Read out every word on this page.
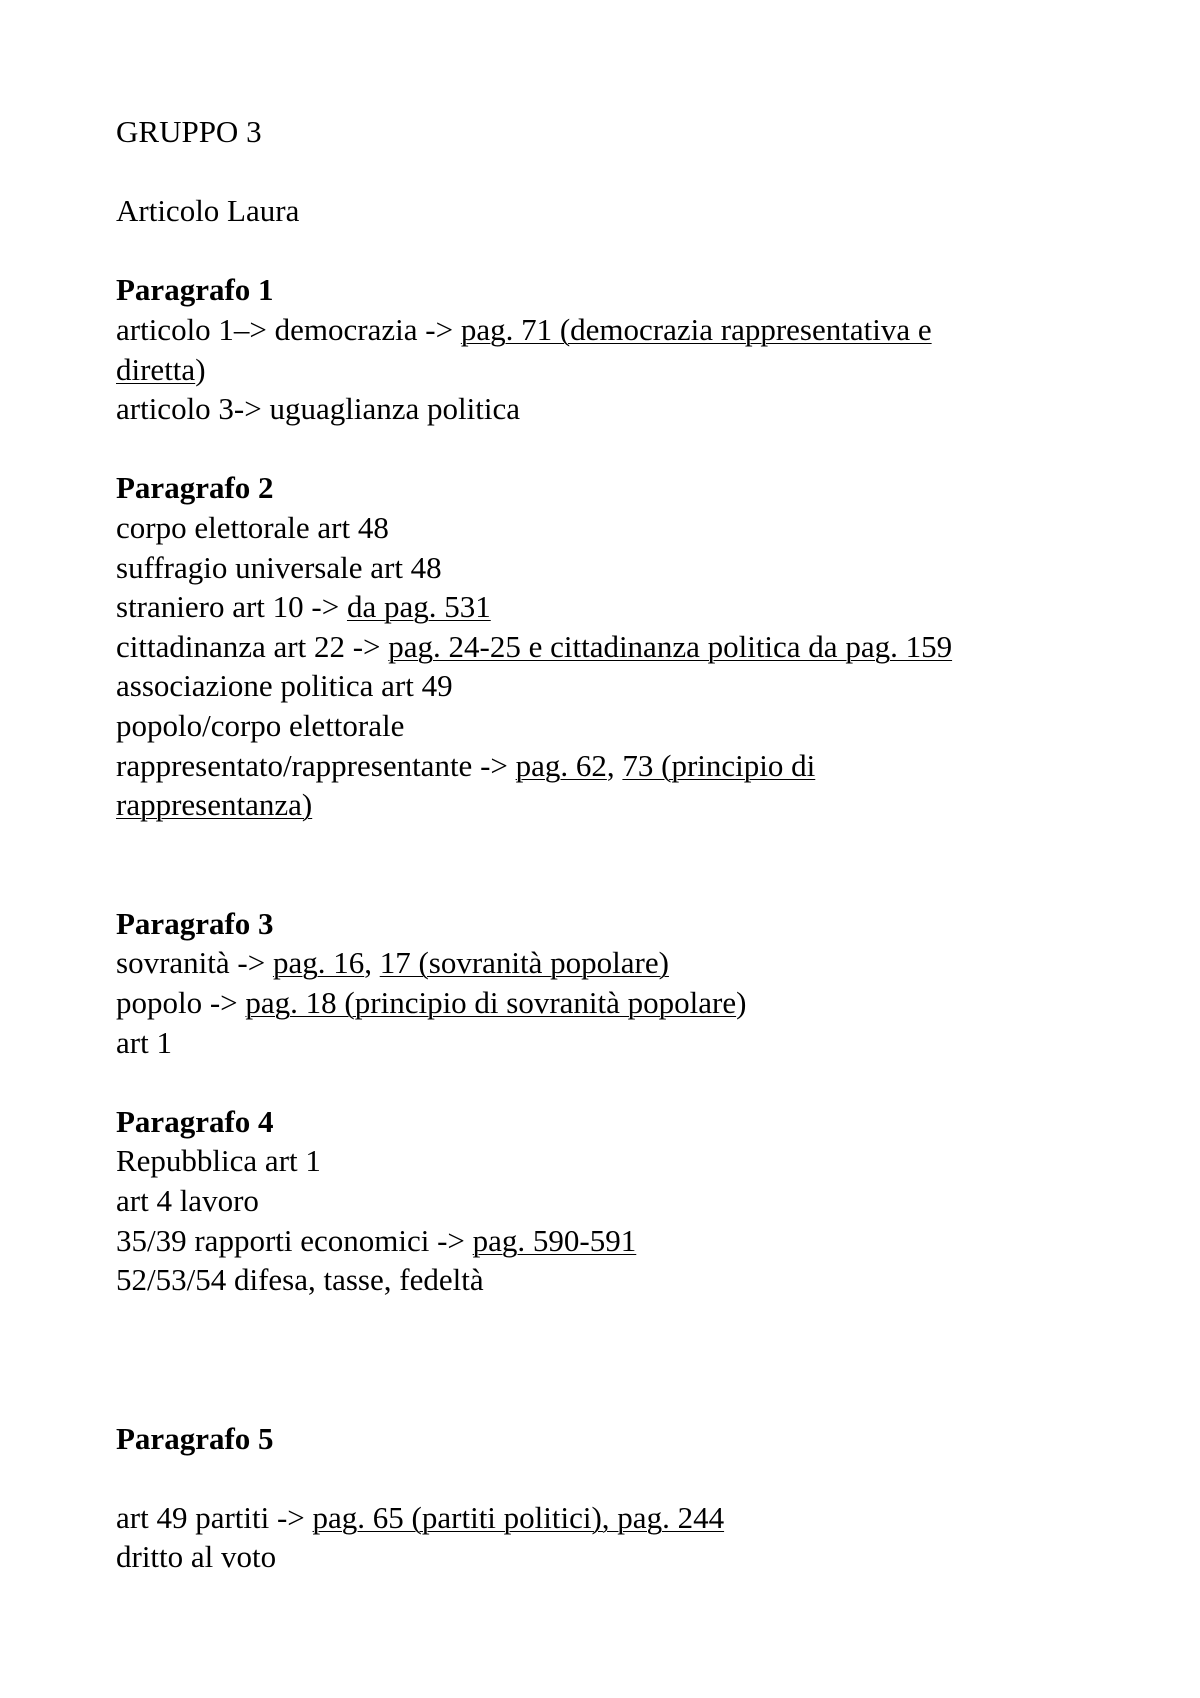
GRUPPO 3
Articolo Laura
Paragrafo 1
articolo 1–> democrazia -> pag. 71 (democrazia rappresentativa e
diretta)
articolo 3-> uguaglianza politica
Paragrafo 2
corpo elettorale art 48
suffragio universale art 48
straniero art 10 -> da pag. 531
cittadinanza art 22 -> pag. 24-25 e cittadinanza politica da pag. 159
associazione politica art 49
popolo/corpo elettorale
rappresentato/rappresentante -> pag. 62, 73 (principio di
rappresentanza)
Paragrafo 3
sovranità -> pag. 16, 17 (sovranità popolare)
popolo -> pag. 18 (principio di sovranità popolare)
art 1
Paragrafo 4
Repubblica art 1
art 4 lavoro
35/39 rapporti economici -> pag. 590-591
52/53/54 difesa, tasse, fedeltà
Paragrafo 5
art 49 partiti -> pag. 65 (partiti politici), pag. 244
dritto al voto
